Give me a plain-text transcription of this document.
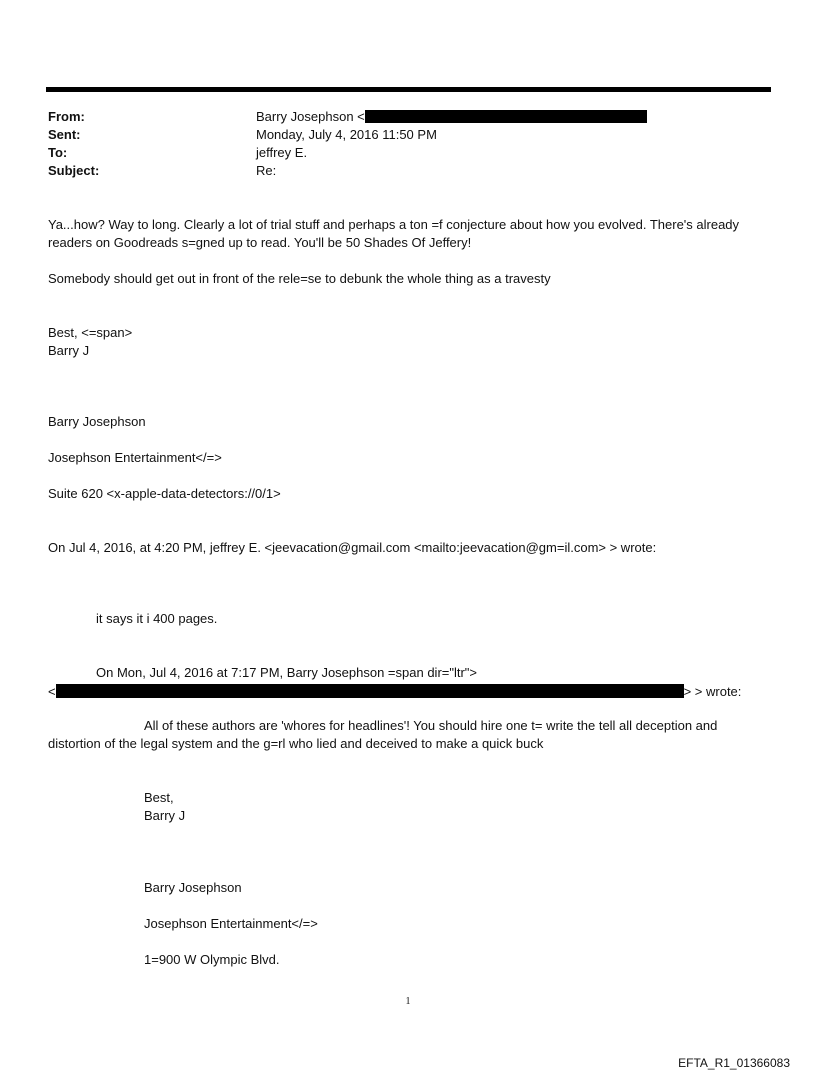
From:	Barry Josephson <
Sent:	Monday, July 4, 2016 11:50 PM
To:	jeffrey E.
Subject:	Re:
Ya...how? Way to long. Clearly a lot of trial stuff and perhaps a ton =f conjecture about how you evolved. There's already
readers on Goodreads s=gned up to read. You'll be 50 Shades Of Jeffery!
Somebody should get out in front of the rele=se to debunk the whole thing as a travesty
Best, <=span>
Barry J
Barry Josephson
Josephson Entertainment</=>
Suite 620 <x-apple-data-detectors://0/1>
On Jul 4, 2016, at 4:20 PM, jeffrey E. <jeevacation@gmail.com <mailto:jeevacation@gm=il.com> > wrote:
it says it i 400 pages.
On Mon, Jul 4, 2016 at 7:17 PM, Barry Josephson =span dir="ltr">
<	> > wrote:
All of these authors are 'whores for headlines'! You should hire one t= write the tell all deception and
distortion of the legal system and the g=rl who lied and deceived to make a quick buck
Best,
Barry J
Barry Josephson
Josephson Entertainment</=>
1=900 W Olympic Blvd.
1
EFTA_R1_01366083
